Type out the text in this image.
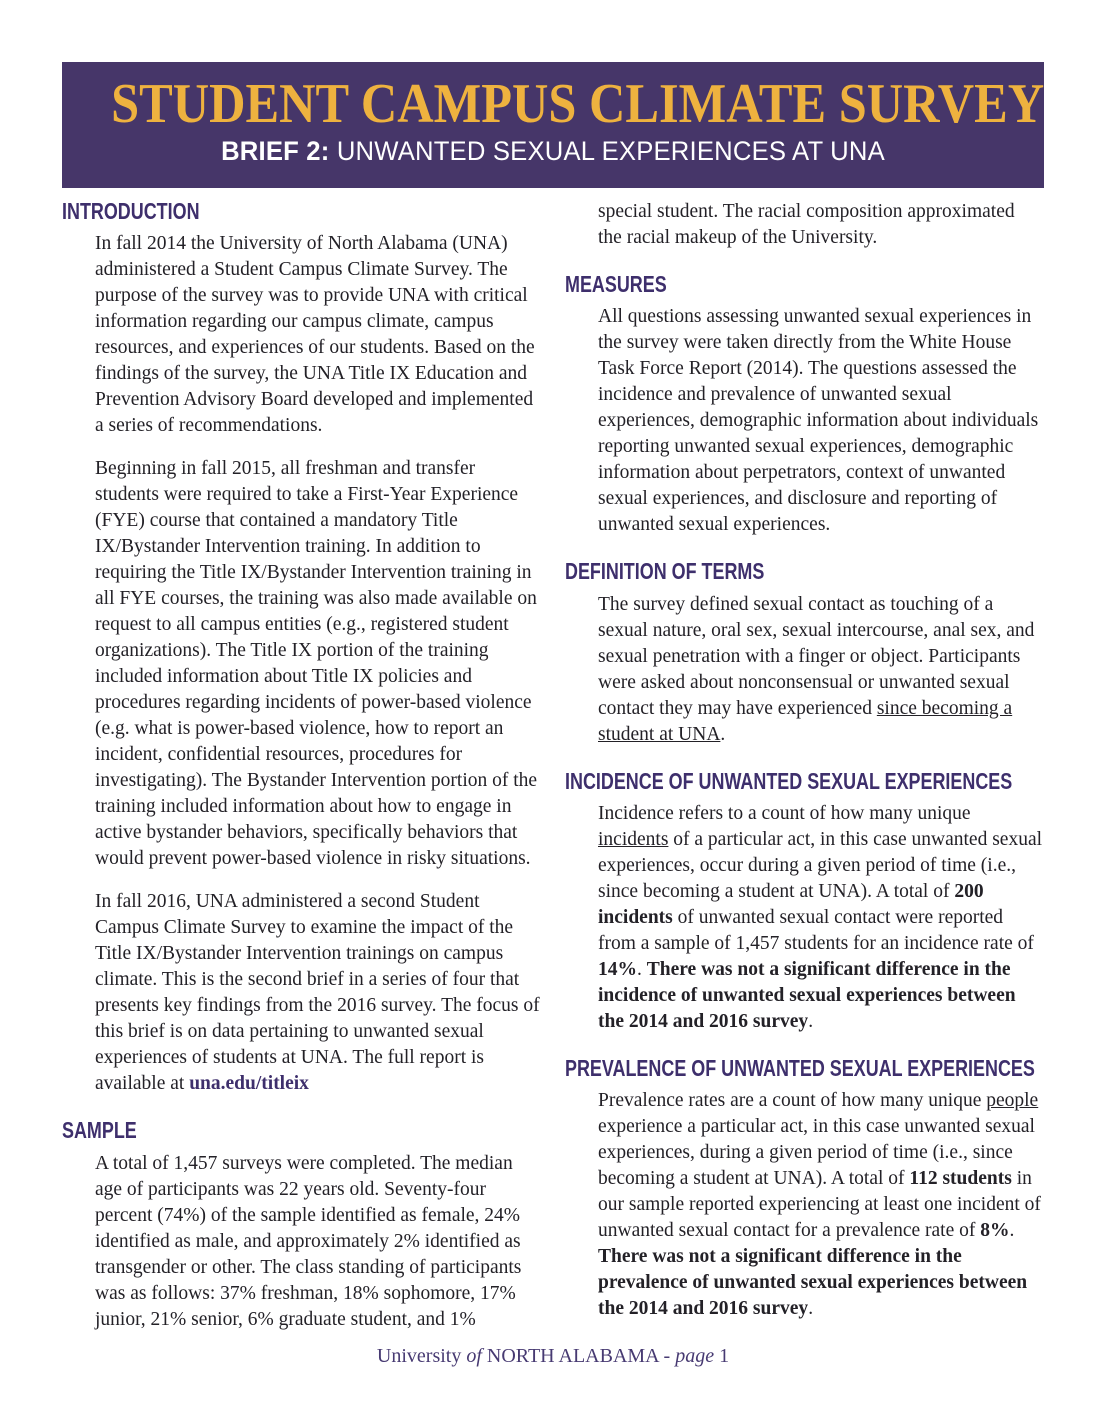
STUDENT CAMPUS CLIMATE SURVEY
BRIEF 2: UNWANTED SEXUAL EXPERIENCES AT UNA
INTRODUCTION

In fall 2014 the University of North Alabama (UNA) administered a Student Campus Climate Survey. The purpose of the survey was to provide UNA with critical information regarding our campus climate, campus resources, and experiences of our students. Based on the findings of the survey, the UNA Title IX Education and Prevention Advisory Board developed and implemented a series of recommendations.

Beginning in fall 2015, all freshman and transfer students were required to take a First-Year Experience (FYE) course that contained a mandatory Title IX/Bystander Intervention training. In addition to requiring the Title IX/Bystander Intervention training in all FYE courses, the training was also made available on request to all campus entities (e.g., registered student organizations). The Title IX portion of the training included information about Title IX policies and procedures regarding incidents of power-based violence (e.g. what is power-based violence, how to report an incident, confidential resources, procedures for investigating). The Bystander Intervention portion of the training included information about how to engage in active bystander behaviors, specifically behaviors that would prevent power-based violence in risky situations.

In fall 2016, UNA administered a second Student Campus Climate Survey to examine the impact of the Title IX/Bystander Intervention trainings on campus climate. This is the second brief in a series of four that presents key findings from the 2016 survey. The focus of this brief is on data pertaining to unwanted sexual experiences of students at UNA. The full report is available at una.edu/titleix

SAMPLE

A total of 1,457 surveys were completed. The median age of participants was 22 years old. Seventy-four percent (74%) of the sample identified as female, 24% identified as male, and approximately 2% identified as transgender or other. The class standing of participants was as follows: 37% freshman, 18% sophomore, 17% junior, 21% senior, 6% graduate student, and 1%

special student. The racial composition approximated the racial makeup of the University.

MEASURES

All questions assessing unwanted sexual experiences in the survey were taken directly from the White House Task Force Report (2014). The questions assessed the incidence and prevalence of unwanted sexual experiences, demographic information about individuals reporting unwanted sexual experiences, demographic information about perpetrators, context of unwanted sexual experiences, and disclosure and reporting of unwanted sexual experiences.

DEFINITION OF TERMS

The survey defined sexual contact as touching of a sexual nature, oral sex, sexual intercourse, anal sex, and sexual penetration with a finger or object. Participants were asked about nonconsensual or unwanted sexual contact they may have experienced since becoming a student at UNA.

INCIDENCE OF UNWANTED SEXUAL EXPERIENCES

Incidence refers to a count of how many unique incidents of a particular act, in this case unwanted sexual experiences, occur during a given period of time (i.e., since becoming a student at UNA). A total of 200 incidents of unwanted sexual contact were reported from a sample of 1,457 students for an incidence rate of 14%. There was not a significant difference in the incidence of unwanted sexual experiences between the 2014 and 2016 survey.

PREVALENCE OF UNWANTED SEXUAL EXPERIENCES

Prevalence rates are a count of how many unique people experience a particular act, in this case unwanted sexual experiences, during a given period of time (i.e., since becoming a student at UNA). A total of 112 students in our sample reported experiencing at least one incident of unwanted sexual contact for a prevalence rate of 8%. There was not a significant difference in the prevalence of unwanted sexual experiences between the 2014 and 2016 survey.

University of NORTH ALABAMA - page 1
